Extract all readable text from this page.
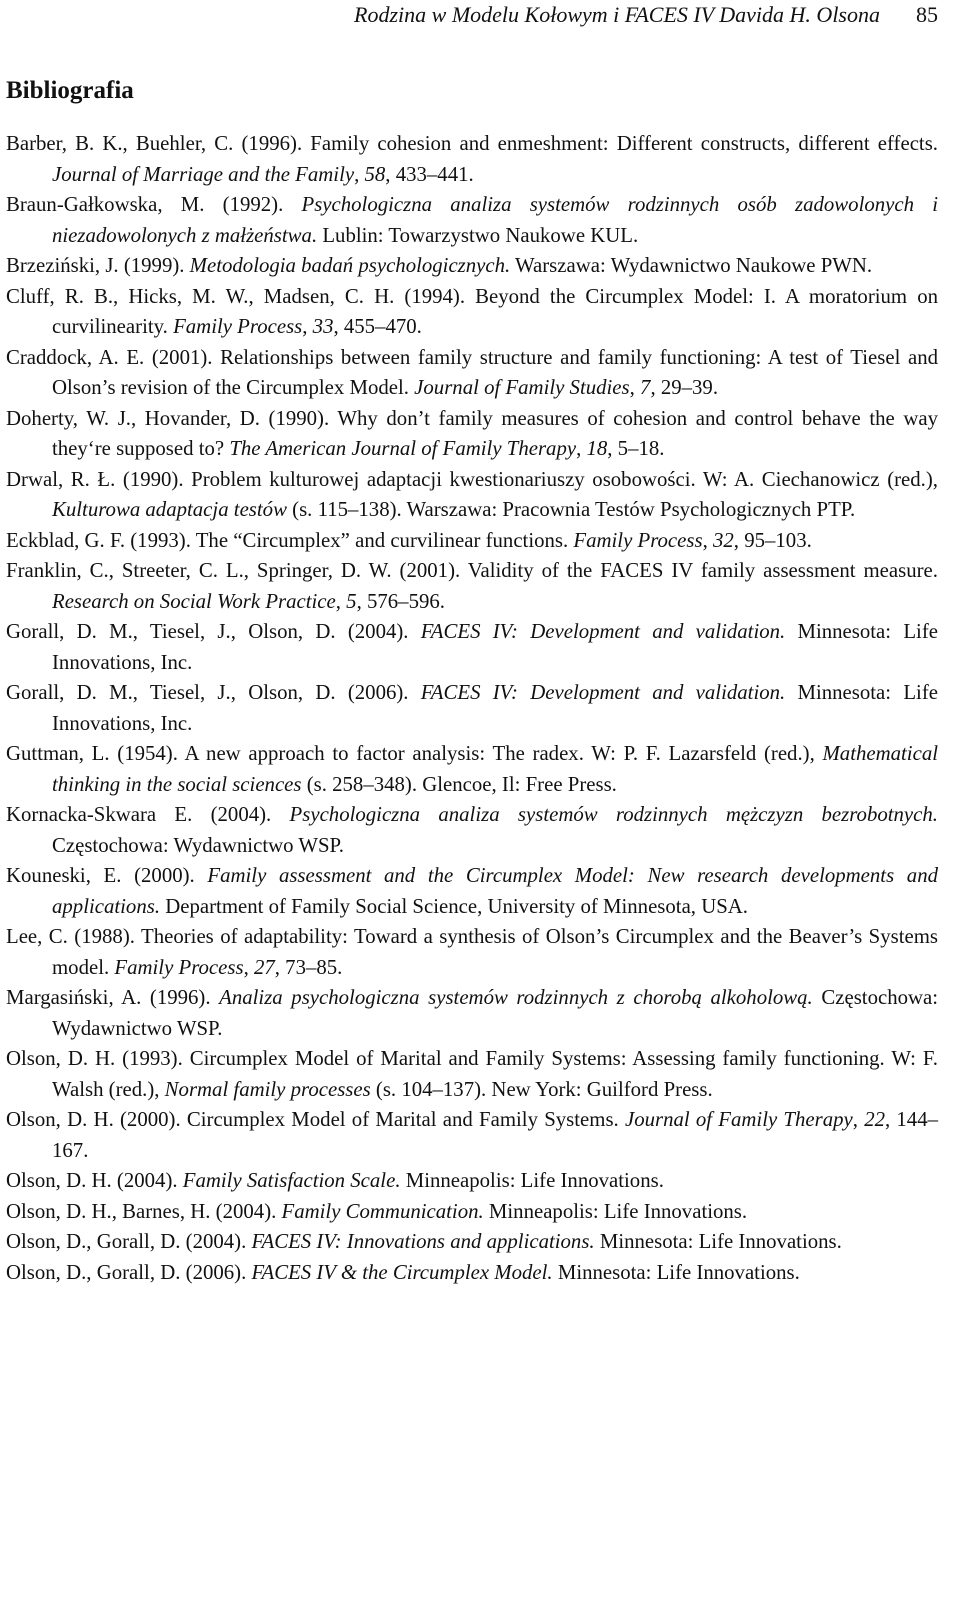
Rodzina w Modelu Kołowym i FACES IV Davida H. Olsona 85
Bibliografia
Barber, B. K., Buehler, C. (1996). Family cohesion and enmeshment: Different constructs, different effects. Journal of Marriage and the Family, 58, 433–441.
Braun-Gałkowska, M. (1992). Psychologiczna analiza systemów rodzinnych osób zadowolonych i niezadowolonych z małżeństwa. Lublin: Towarzystwo Naukowe KUL.
Brzeziński, J. (1999). Metodologia badań psychologicznych. Warszawa: Wydawnictwo Naukowe PWN.
Cluff, R. B., Hicks, M. W., Madsen, C. H. (1994). Beyond the Circumplex Model: I. A moratorium on curvilinearity. Family Process, 33, 455–470.
Craddock, A. E. (2001). Relationships between family structure and family functioning: A test of Tiesel and Olson’s revision of the Circumplex Model. Journal of Family Studies, 7, 29–39.
Doherty, W. J., Hovander, D. (1990). Why don’t family measures of cohesion and control behave the way they‘re supposed to? The American Journal of Family Therapy, 18, 5–18.
Drwal, R. Ł. (1990). Problem kulturowej adaptacji kwestionariuszy osobowości. W: A. Ciechanowicz (red.), Kulturowa adaptacja testów (s. 115–138). Warszawa: Pracownia Testów Psychologicznych PTP.
Eckblad, G. F. (1993). The “Circumplex” and curvilinear functions. Family Process, 32, 95–103.
Franklin, C., Streeter, C. L., Springer, D. W. (2001). Validity of the FACES IV family assessment measure. Research on Social Work Practice, 5, 576–596.
Gorall, D. M., Tiesel, J., Olson, D. (2004). FACES IV: Development and validation. Minnesota: Life Innovations, Inc.
Gorall, D. M., Tiesel, J., Olson, D. (2006). FACES IV: Development and validation. Minnesota: Life Innovations, Inc.
Guttman, L. (1954). A new approach to factor analysis: The radex. W: P. F. Lazarsfeld (red.), Mathematical thinking in the social sciences (s. 258–348). Glencoe, Il: Free Press.
Kornacka-Skwara E. (2004). Psychologiczna analiza systemów rodzinnych mężczyzn bezrobotnych. Częstochowa: Wydawnictwo WSP.
Kouneski, E. (2000). Family assessment and the Circumplex Model: New research developments and applications. Department of Family Social Science, University of Minnesota, USA.
Lee, C. (1988). Theories of adaptability: Toward a synthesis of Olson’s Circumplex and the Beaver’s Systems model. Family Process, 27, 73–85.
Margasiński, A. (1996). Analiza psychologiczna systemów rodzinnych z chorobą alkoholową. Częstochowa: Wydawnictwo WSP.
Olson, D. H. (1993). Circumplex Model of Marital and Family Systems: Assessing family functioning. W: F. Walsh (red.), Normal family processes (s. 104–137). New York: Guilford Press.
Olson, D. H. (2000). Circumplex Model of Marital and Family Systems. Journal of Family Therapy, 22, 144–167.
Olson, D. H. (2004). Family Satisfaction Scale. Minneapolis: Life Innovations.
Olson, D. H., Barnes, H. (2004). Family Communication. Minneapolis: Life Innovations.
Olson, D., Gorall, D. (2004). FACES IV: Innovations and applications. Minnesota: Life Innovations.
Olson, D., Gorall, D. (2006). FACES IV & the Circumplex Model. Minnesota: Life Innovations.
